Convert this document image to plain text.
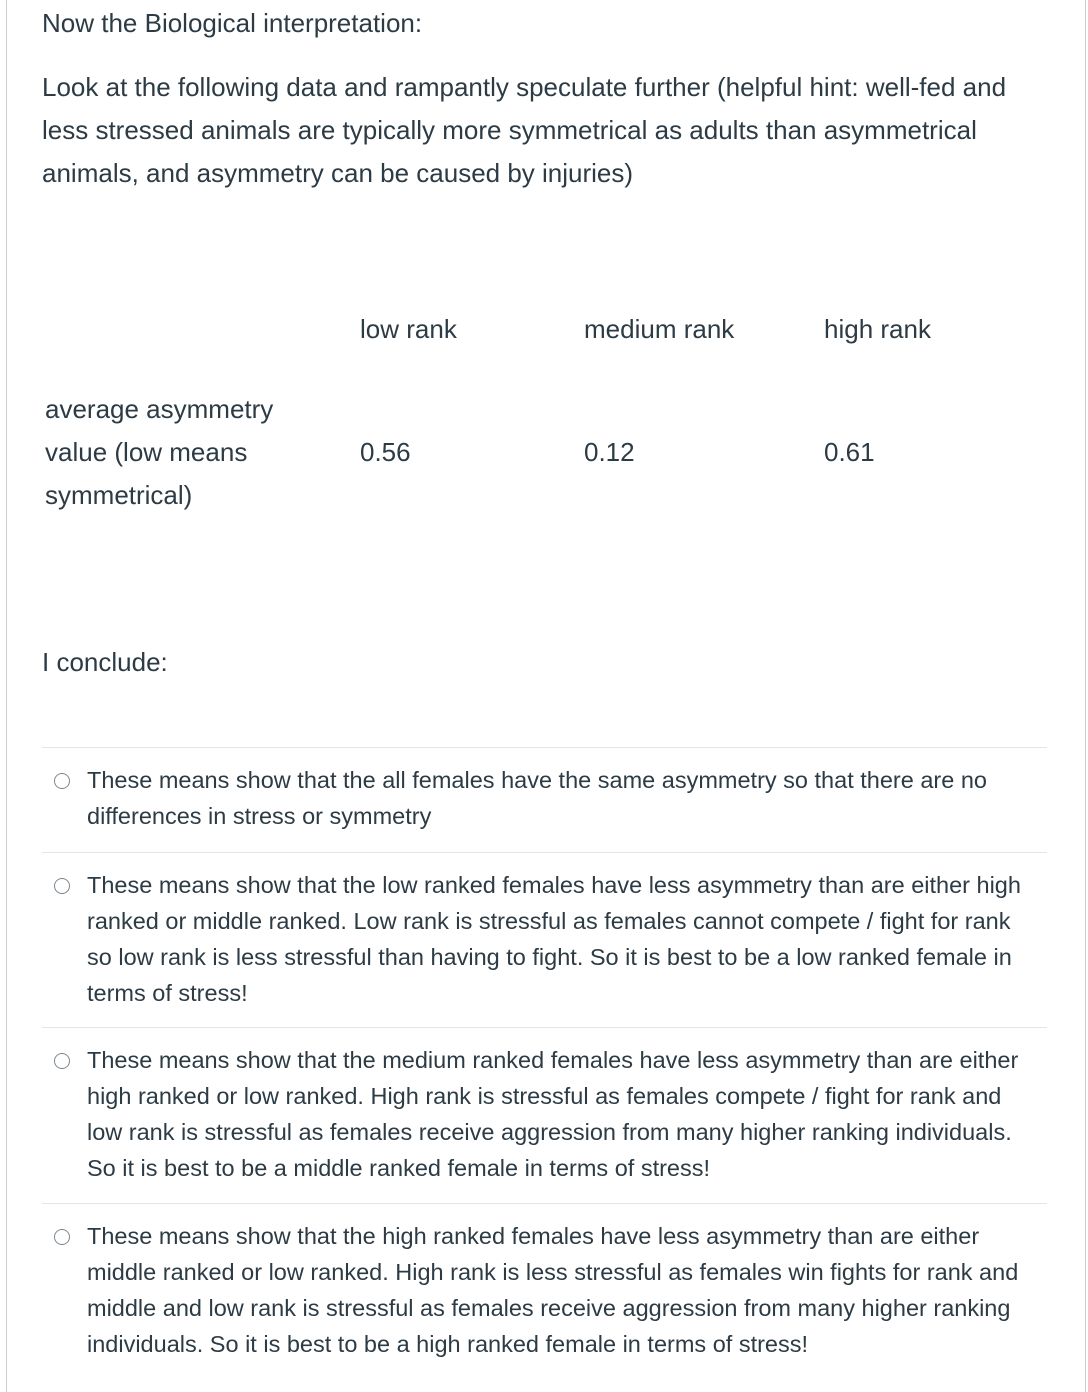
Now the Biological interpretation:

Look at the following data and rampantly speculate further (helpful hint: well-fed and less stressed animals are typically more symmetrical as adults than asymmetrical animals, and asymmetry can be caused by injuries)

	low rank	medium rank	high rank

average asymmetry value (low means symmetrical)	0.56	0.12	0.61

I conclude:

These means show that the all females have the same asymmetry so that there are no differences in stress or symmetry
These means show that the low ranked females have less asymmetry than are either high ranked or middle ranked. Low rank is stressful as females cannot compete / fight for rank so low rank is less stressful than having to fight. So it is best to be a low ranked female in terms of stress!
These means show that the medium ranked females have less asymmetry than are either high ranked or low ranked. High rank is stressful as females compete / fight for rank and low rank is stressful as females receive aggression from many higher ranking individuals. So it is best to be a middle ranked female in terms of stress!
These means show that the high ranked females have less asymmetry than are either middle ranked or low ranked. High rank is less stressful as females win fights for rank and middle and low rank is stressful as females receive aggression from many higher ranking individuals. So it is best to be a high ranked female in terms of stress!
